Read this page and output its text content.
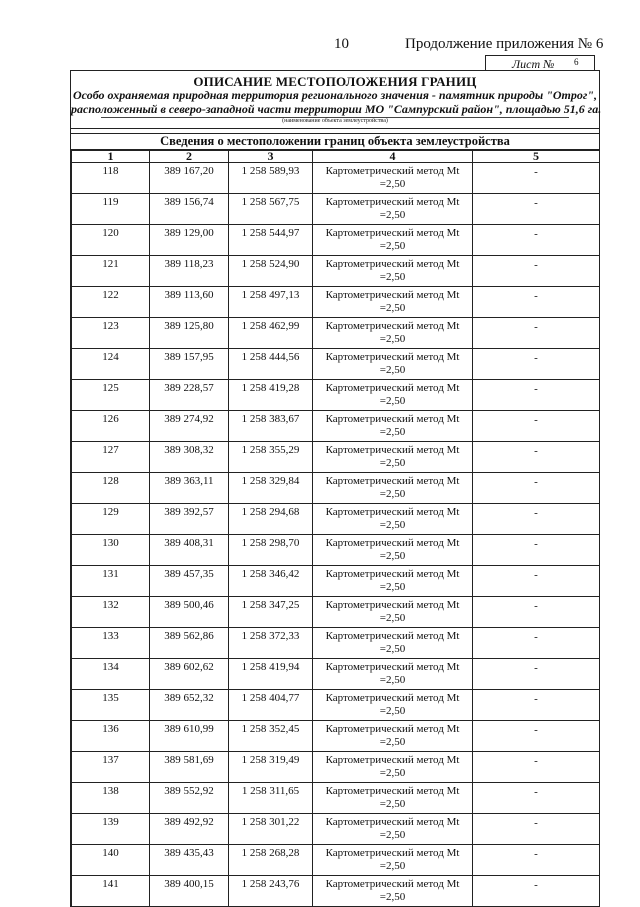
10	Продолжение приложения № 6
Лист № 6
ОПИСАНИЕ МЕСТОПОЛОЖЕНИЯ ГРАНИЦ
Особо охраняемая природная территория регионального значения - памятник природы "Отрог",
расположенный в северо-западной части территории МО "Сампурский район", площадью 51,6 га.
(наименование объекта землеустройства)
Сведения о местоположении границ объекта землеустройства
1	2	3	4	5

118	389 167,20	1 258 589,93	Картометрический метод Mt
=2,50	-

119	389 156,74	1 258 567,75	Картометрический метод Mt
=2,50	-

120	389 129,00	1 258 544,97	Картометрический метод Mt
=2,50	-

121	389 118,23	1 258 524,90	Картометрический метод Mt
=2,50	-

122	389 113,60	1 258 497,13	Картометрический метод Mt
=2,50	-

123	389 125,80	1 258 462,99	Картометрический метод Mt
=2,50	-

124	389 157,95	1 258 444,56	Картометрический метод Mt
=2,50	-

125	389 228,57	1 258 419,28	Картометрический метод Mt
=2,50	-

126	389 274,92	1 258 383,67	Картометрический метод Mt
=2,50	-

127	389 308,32	1 258 355,29	Картометрический метод Mt
=2,50	-

128	389 363,11	1 258 329,84	Картометрический метод Mt
=2,50	-

129	389 392,57	1 258 294,68	Картометрический метод Mt
=2,50	-

130	389 408,31	1 258 298,70	Картометрический метод Mt
=2,50	-

131	389 457,35	1 258 346,42	Картометрический метод Mt
=2,50	-

132	389 500,46	1 258 347,25	Картометрический метод Mt
=2,50	-

133	389 562,86	1 258 372,33	Картометрический метод Mt
=2,50	-

134	389 602,62	1 258 419,94	Картометрический метод Mt
=2,50	-

135	389 652,32	1 258 404,77	Картометрический метод Mt
=2,50	-

136	389 610,99	1 258 352,45	Картометрический метод Mt
=2,50	-

137	389 581,69	1 258 319,49	Картометрический метод Mt
=2,50	-

138	389 552,92	1 258 311,65	Картометрический метод Mt
=2,50	-

139	389 492,92	1 258 301,22	Картометрический метод Mt
=2,50	-

140	389 435,43	1 258 268,28	Картометрический метод Mt
=2,50	-

141	389 400,15	1 258 243,76	Картометрический метод Mt
=2,50	-
